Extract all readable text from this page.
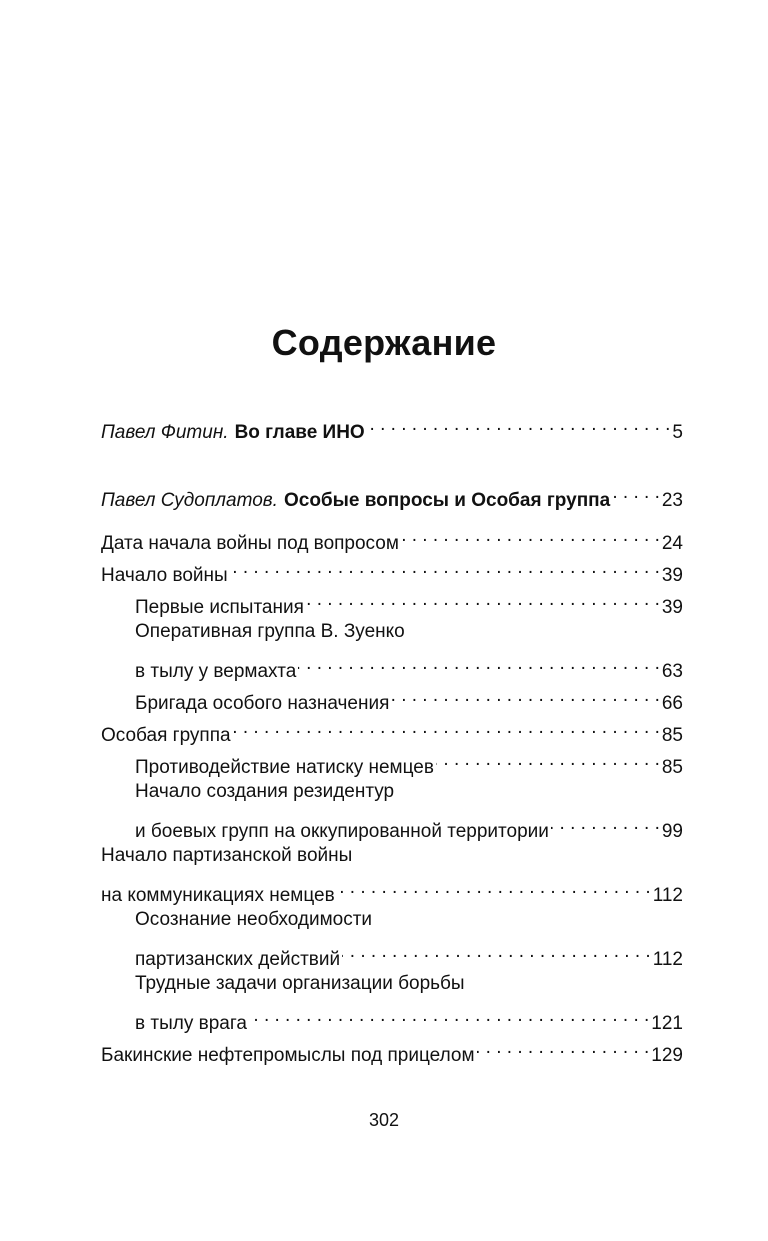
Содержание
Павел Фитин. Во главе ИНО . . .	5
Павел Судоплатов. Особые вопросы и Особая группа . . .	23
Дата начала войны под вопросом . . .	24
Начало войны . . .	39
Первые испытания . . .	39
Оперативная группа В. Зуенко
в тылу у вермахта . . .	63
Бригада особого назначения . . .	66
Особая группа . . .	85
Противодействие натиску немцев . . .	85
Начало создания резидентур
и боевых групп на оккупированной территории . . .	99
Начало партизанской войны
на коммуникациях немцев . . .	112
Осознание необходимости
партизанских действий . . .	112
Трудные задачи организации борьбы
в тылу врага . . .	121
Бакинские нефтепромыслы под прицелом . . .	129
302
